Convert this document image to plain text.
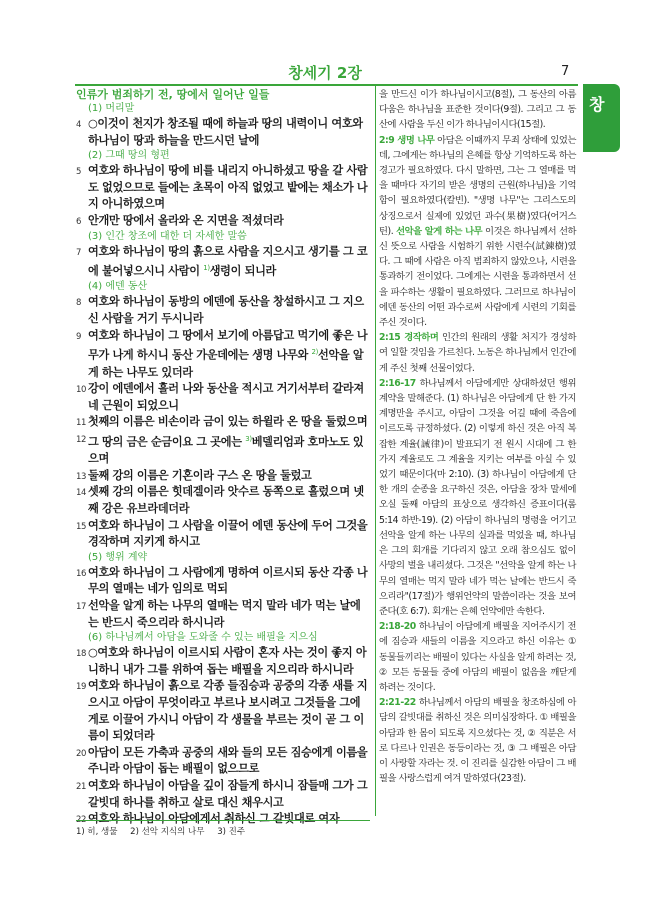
창세기 2장	7
창
인류가 범죄하기 전, 땅에서 일어난 일들
(1) 머리말
4 ○이것이 천지가 창조될 때에 하늘과 땅의 내력이니 여호와 하나님이 땅과 하늘을 만드시던 날에
(2) 그때 땅의 형편
5 여호와 하나님이 땅에 비를 내리지 아니하셨고 땅을 갈 사람도 없었으므로 들에는 초목이 아직 없었고 밭에는 채소가 나지 아니하였으며
6 안개만 땅에서 올라와 온 지면을 적셨더라
(3) 인간 창조에 대한 더 자세한 말씀
7 여호와 하나님이 땅의 흙으로 사람을 지으시고 생기를 그 코에 불어넣으시니 사람이 $^{1)}$생령이 되니라
(4) 에덴 동산
8 여호와 하나님이 동방의 에덴에 동산을 창설하시고 그 지으신 사람을 거기 두시니라
9 여호와 하나님이 그 땅에서 보기에 아름답고 먹기에 좋은 나무가 나게 하시니 동산 가운데에는 생명 나무와 $^{2)}$선악을 알게 하는 나무도 있더라
10 강이 에덴에서 흘러 나와 동산을 적시고 거기서부터 갈라져 네 근원이 되었으니
11 첫째의 이름은 비손이라 금이 있는 하윌라 온 땅을 둘렀으며
12 그 땅의 금은 순금이요 그 곳에는 $^{3)}$베델리엄과 호마노도 있으며
13 둘째 강의 이름은 기혼이라 구스 온 땅을 둘렀고
14 셋째 강의 이름은 힛데겔이라 앗수르 동쪽으로 흘렀으며 넷째 강은 유브라데더라
15 여호와 하나님이 그 사람을 이끌어 에덴 동산에 두어 그것을 경작하며 지키게 하시고
(5) 행위 계약
16 여호와 하나님이 그 사람에게 명하여 이르시되 동산 각종 나무의 열매는 네가 임의로 먹되
17 선악을 알게 하는 나무의 열매는 먹지 말라 네가 먹는 날에는 반드시 죽으리라 하시니라
(6) 하나님께서 아담을 도와줄 수 있는 배필을 지으심
18 ○여호와 하나님이 이르시되 사람이 혼자 사는 것이 좋지 아니하니 내가 그를 위하여 돕는 배필을 지으리라 하시니라
19 여호와 하나님이 흙으로 각종 들짐승과 공중의 각종 새를 지으시고 아담이 무엇이라고 부르나 보시려고 그것들을 그에게로 이끌어 가시니 아담이 각 생물을 부르는 것이 곧 그 이름이 되었더라
20 아담이 모든 가축과 공중의 새와 들의 모든 짐승에게 이름을 주니라 아담이 돕는 배필이 없으므로
21 여호와 하나님이 아담을 깊이 잠들게 하시니 잠들매 그가 그 갈빗대 하나를 취하고 살로 대신 채우시고
22 여호와 하나님이 아담에게서 취하신 그 갈빗대로 여자

을 만드신 이가 하나님이시고(8절), 그 동산의 아름다움은 하나님을 표준한 것이다(9절). 그리고 그 동산에 사람을 두신 이가 하나님이시다(15절).

2:9 생명 나무 아담은 이때까지 무죄 상태에 있었는데, 그에게는 하나님의 은혜를 항상 기억하도록 하는 경고가 필요하였다. 다시 말하면, 그는 그 열매를 먹을 때마다 자기의 받은 생명의 근원(하나님)을 기억함이 필요하였다(칼빈). "생명 나무"는 그리스도의 상징으로서 실제에 있었던 과수(果樹)였다(어거스틴). 선악을 알게 하는 나무 이것은 하나님께서 선하신 뜻으로 사람을 시험하기 위한 시련수(試鍊樹)였다. 그 때에 사람은 아직 범죄하지 않았으나, 시련을 통과하기 전이었다. 그에게는 시련을 통과하면서 선을 파수하는 생활이 필요하였다. 그러므로 하나님이 에덴 동산의 어떤 과수로써 사람에게 시련의 기회를 주신 것이다.

2:15 경작하며 인간의 원래의 생활 처지가 경성하여 일할 것임을 가르친다. 노동은 하나님께서 인간에게 주신 첫째 선물이었다.

2:16-17 하나님께서 아담에게만 상대하셨던 행위 계약을 말해준다. (1) 하나님은 아담에게 단 한 가지 계명만을 주시고, 아담이 그것을 어길 때에 죽음에 이르도록 규정하셨다. (2) 이렇게 하신 것은 아직 복잡한 계율(誡律)이 발표되기 전 원시 시대에 그 한 가지 계율로도 그 계율을 지키는 여부를 아실 수 있었기 때문이다(마 2:10). (3) 하나님이 아담에게 단 한 개의 순종을 요구하신 것은, 아담을 장차 말세에 오실 둘째 아담의 표상으로 생각하신 증표이다(롬 5:14 하반-19). (2) 아담이 하나님의 명령을 어기고 선악을 알게 하는 나무의 실과를 먹었을 때, 하나님은 그의 회개를 기다리지 않고 오래 참으심도 없이 사망의 벌을 내리셨다. 그것은 "선악을 알게 하는 나무의 열매는 먹지 말라 네가 먹는 날에는 반드시 죽으리라"(17절)가 행위언약의 말씀이라는 것을 보여준다(호 6:7). 회개는 은혜 언약에만 속한다.

2:18-20 하나님이 아담에게 배필을 지어주시기 전에 짐승과 새들의 이름을 지으라고 하신 이유는 ① 동물들끼리는 배필이 있다는 사실을 알게 하려는 것, ② 모든 동물들 중에 아담의 배필이 없음을 깨닫게 하려는 것이다.

2:21-22 하나님께서 아담의 배필을 창조하심에 아담의 갈빗대를 취하신 것은 의미심장하다. ① 배필을 아담과 한 몸이 되도록 지으셨다는 것, ② 직분은 서로 다르나 인권은 동등이라는 것, ③ 그 배필은 아담이 사랑할 자라는 것. 이 진리를 실감한 아담이 그 배필을 사랑스럽게 여겨 말하였다(23절).

1) 히, 생물 2) 선악 지식의 나무 3) 진주
